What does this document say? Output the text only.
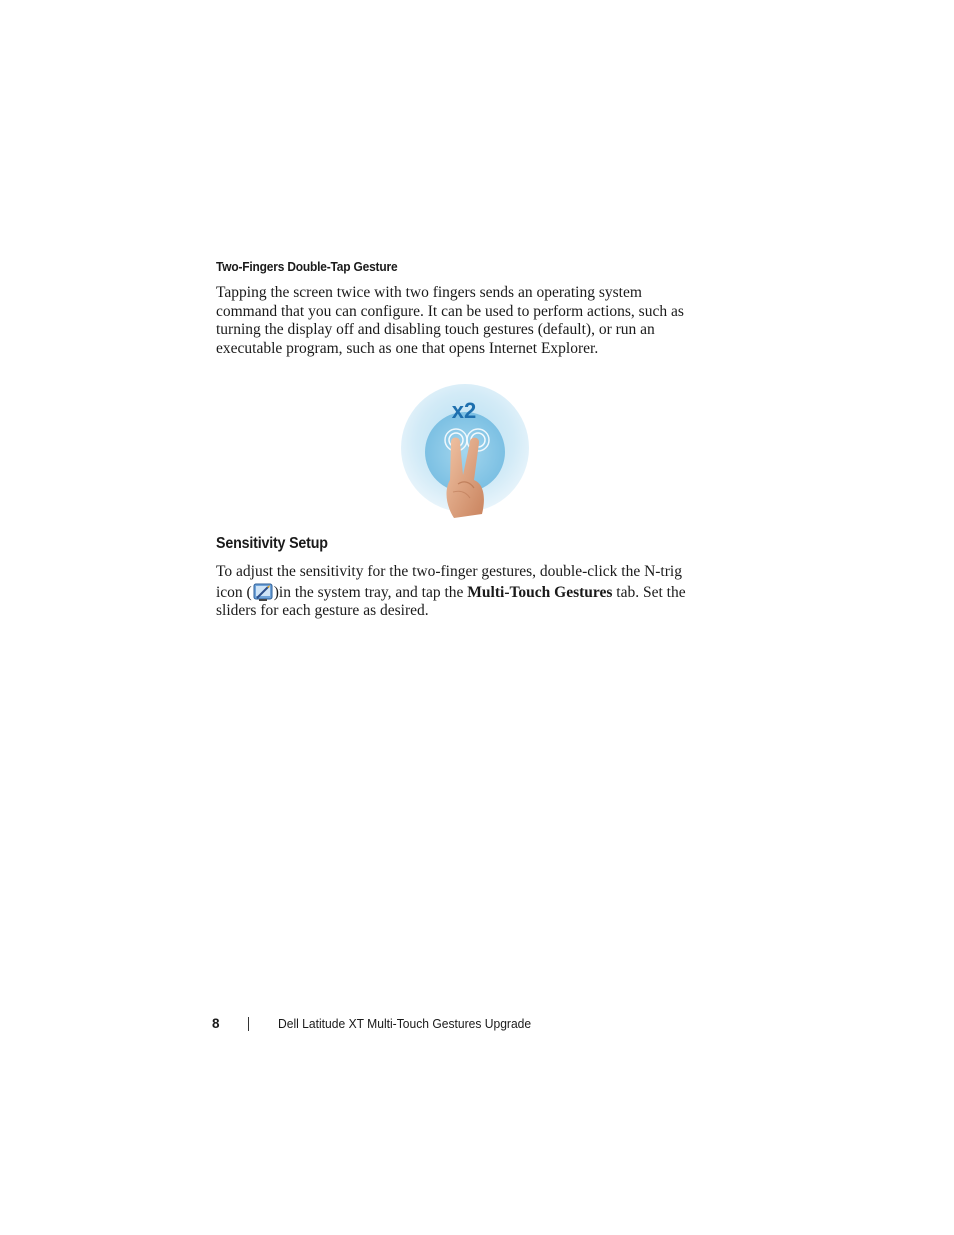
Two-Fingers Double-Tap Gesture

Tapping the screen twice with two fingers sends an operating system
command that you can configure. It can be used to perform actions, such as
turning the display off and disabling touch gestures (default), or run an
executable program, such as one that opens Internet Explorer.

x2
Sensitivity Setup

To adjust the sensitivity for the two-finger gestures, double-click the N-trig
icon ( )in the system tray, and tap the Multi-Touch Gestures tab. Set the
sliders for each gesture as desired.

8	Dell Latitude XT Multi-Touch Gestures Upgrade
